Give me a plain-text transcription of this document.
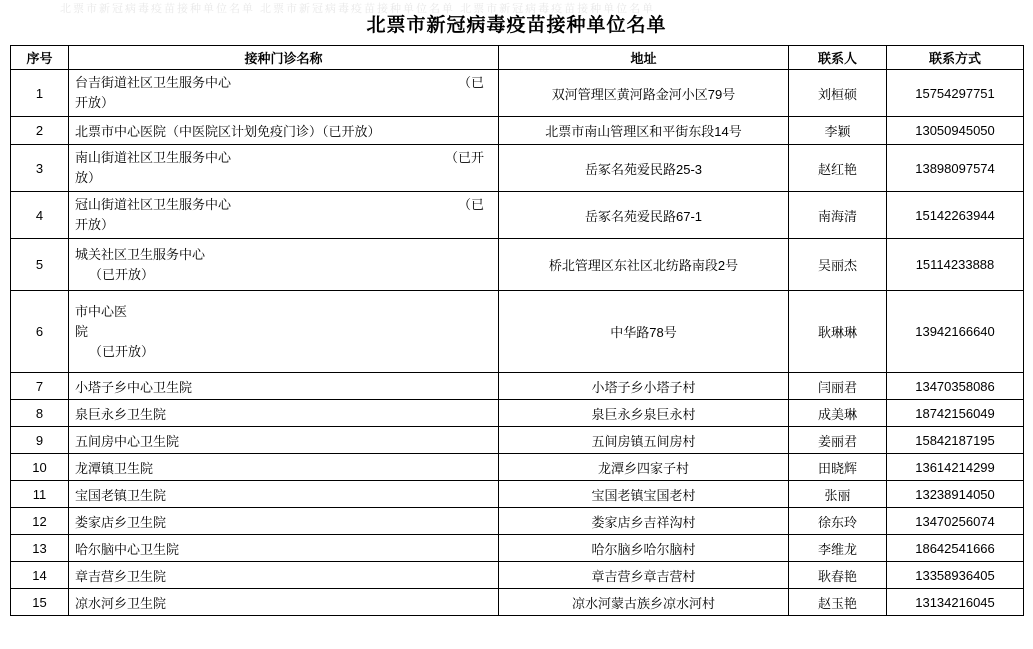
北票市新冠病毒疫苗接种单位名单 北票市新冠病毒疫苗接种单位名单 北票市新冠病毒疫苗接种单位名单
北票市新冠病毒疫苗接种单位名单
序号	接种门诊名称	地址	联系人	联系方式
1	台吉街道社区卫生服务中心 （已
开放）	双河管理区黄河路金河小区79号	刘桓硕	15754297751
2	北票市中心医院（中医院区计划免疫门诊）（已开放）	北票市南山管理区和平街东段14号	李颖	13050945050
3	南山街道社区卫生服务中心 （已开
放）	岳冢名苑爱民路25-3	赵红艳	13898097574
4	冠山街道社区卫生服务中心 （已
开放）	岳冢名苑爱民路67-1	南海清	15142263944
5	城关社区卫生服务中心
（已开放）	桥北管理区东社区北纺路南段2号	吴丽杰	15114233888
6	市中心医
院
（已开放）	中华路78号	耿琳琳	13942166640
7	小塔子乡中心卫生院	小塔子乡小塔子村	闫丽君	13470358086
8	泉巨永乡卫生院	泉巨永乡泉巨永村	成美琳	18742156049
9	五间房中心卫生院	五间房镇五间房村	姜丽君	15842187195
10	龙潭镇卫生院	龙潭乡四家子村	田晓辉	13614214299
11	宝国老镇卫生院	宝国老镇宝国老村	张丽	13238914050
12	娄家店乡卫生院	娄家店乡吉祥沟村	徐东玲	13470256074
13	哈尔脑中心卫生院	哈尔脑乡哈尔脑村	李维龙	18642541666
14	章吉营乡卫生院	章吉营乡章吉营村	耿春艳	13358936405
15	凉水河乡卫生院	凉水河蒙古族乡凉水河村	赵玉艳	13134216045
